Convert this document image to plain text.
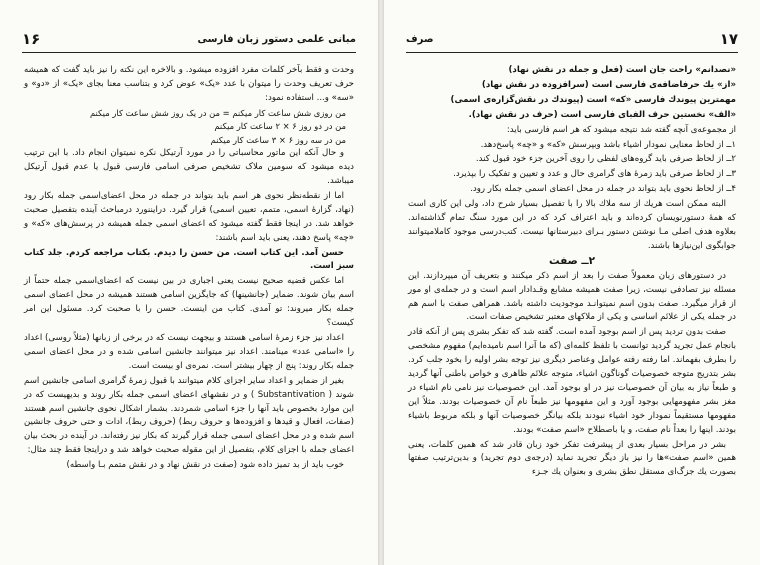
۱۶	مبانی علمی دستور زبان فارسی

وحدت و فقط بآخر کلمات مفرد افزوده میشود. و بالاخره این نکته را نیز باید گفت که همیشه حرف تعریف وحدت را میتوان با عدد «یک» عوض کرد و بتناسب معنا بجای «یک» از «دو» و «سه» و... استفاده نمود:

من روزی شش ساعت کار میکنم = من در یک روز شش ساعت کار میکنم

من در دو روز ۶ × ۲ ساعت کار میکنم

من در سه روز ۶ × ۳ ساعت کار میکنم

و حال آنکه این ماتور محاسباتی را در مورد آرتیکل نکره نمیتوان انجام داد. با این ترتیب دیده میشود که سومین ملاک تشخیص صرفی اسامی فارسی قبول یا عدم قبول آرتیکل میباشد.

اما از نقطه‌نظر نحوی هر اسم باید بتواند در جمله در محل اعضای‌اسمی جمله بکار رود (نهاد، گزارهٔ اسمی، متمم، تعیین اسمی) قرار گیرد. درایننورد درمباحث آینده بتفصیل صحبت خواهد شد. در اینجا فقط گفته میشود که اعضای اسمی جمله همیشه در پرسش‌های «که» و «چه» پاسخ دهند، یعنی باید اسم باشند:

حسن آمد. این کتاب است. من حسن را دیدم. بکتاب مراجعه کردم. جلد کتاب سبز است.

اما عکس قضیه صحیح نیست یعنی اجباری در بین نیست که اعضای‌اسمی جمله حتماً از اسم بیان شوند. ضمایر (جانشینها) که جایگزین اسامی هستند همیشه در محل اعضای اسمی جمله بکار میروند: تو آمدی. کتاب من اینست. حسن را با صحبت کرد. مسئول این امر کیست؟

اعداد نیز جزء زمرهٔ اسامی هستند و بیجهت نیست که در برخی از زبانها (مثلاً روسی) اعداد را «اسامی عدد» مینامند. اعداد نیز میتوانند جانشین اسامی شده و در محل اعضای اسمی جمله بکار روند: پنج از چهار بیشتر است. نمره‌ی او بیست است.

بغیر از ضمایر و اعداد سایر اجزای کلام میتوانند با قبول زمرهٔ گرامری اسامی جانشین اسم شوند ( Substantivation ) و در نقشهای اعضای اسمی جمله بکار روند و بدیهیست که در این موارد بخصوص باید آنها را جزء اسامی شمردند. بشمار اشکال نحوی جانشین اسم هستند (صفات، افعال و قیدها و افزوده‌ها و حروف ربط) (حروف ربط)، ادات و حتی حروف جانشین اسم شده و در محل اعضای اسمی جمله قرار گیرند که بکار نیز رفته‌اند. در آینده در بحث بیان اعضای جمله با اجزای کلام، بتفصیل از این مقوله صحبت خواهد شد و درایتجا فقط چند مثال:

خوب باید از بد تمیز داده شود (صفت در نقش نهاد و در نقش متمم بـا واسطه)

۱۷
صرف

«نصدانم» راحت جان است (فعل و جمله در نقش نهاد)

«از» یك حرفاضافه‌ی فارسی است (سرافزوده در نقش نهاد)

مهمترین پیوندك فارسی «كه» است (پیوندك در نقش‌گزاره‌ی اسمی)

«الف» نخستین حرف الفبای فارسی است (حرف در نقش نهاد).

از مجموعه‌ی آنچه گفته شد نتیجه میشود که هر اسم فارسی باید:

۱ــ از لحاظ معنایی نمودار اشیاء باشد وبپرسش «که» و «چه» پاسخ‌دهد.

۲ــ از لحاظ صرفی باید گروه‌های لفظی را روی آخرین جزء خود قبول کند.

۳ــ از لحاظ صرفی باید زمرهٔ های گرامری حال و عدد و تعیین و تفکیک را بپذیرد.

۴ــ از لحاظ نحوی باید بتواند در جمله در محل اعضای اسمی جمله بکار رود.

البته ممکن است هریك از سه ملاك بالا را با تفصیل بسیار شرح داد، ولی این کاری است که همهٔ دستورنویسان کرده‌اند و باید اعتراف کرد که در این مورد سنگ تمام گذاشته‌اند. بعلاوه هدف اصلی مـا نوشتن دستور بـرای دبیرستانها نیست. کتب‌درسی موجود کاملامیتوانند جوابگوی این‌نیازها باشند.

۲ــ صفت

در دستورهای زبان معمولاً صفت را بعد از اسم ذکر میکنند و بتعریف آن میپردازند. این مسئله نیز تصادفی نیست، زیرا صفت همیشه مشابع وقـدادار اسم است و در جمله‌ی او مور از قرار میگیرد. صفت بدون اسم نمیتوانـد موجودیت داشته باشد. همراهی صفت با اسم هم در جمله یکی از علائم اساسی و یکی از ملاکهای معتبر تشخیص صفات است.

صفت بدون تردید پس از اسم بوجود آمده است. گفته شد که تفکر بشری پس از آنکه قادر بانجام عمل تجرید گردید توانست با تلفظ کلمه‌ای (که ما آنرا اسم نامیده‌ایم) مفهوم مشخصی را بطرف بفهماند. اما رفته رفته عوامل وعناصر دیگری نیز توجه بشر اولیه را بخود جلب کرد. بشر بتدریج متوجه خصوصیات گوناگون اشیاء، متوجه علائم ظاهری و خواص باطنی آنها گردید و طبعاً نیاز به بیان آن خصوصیات نیز در او بوجود آمد. این خصوصیات نیز نامی نام اشیاء در مغز بشر مفهومهایی بوجود آورد و این مفهومها نیز طبعاً نام آن خصوصیات بودند. مثلاً این مفهومها مستقیماً نمودار خود اشیاء نبودند بلکه بیانگر خصوصیات آنها و بلکه مربوط باشیاء بودند. اینها را بعداً نام صفت، و یا باصطلاح «اسم صفت» بودند.

بشر در مراحل بسیار بعدی از پیشرفت تفکر خود زبان قادر شد که همین کلمات، یعنی همین «اسم صفت»ها را نیز باز دیگر تجرید نماید (درجه‌ی دوم تجرید) و بدین‌ترتیب صفتها بصورت یك جزگ‌ای مستقل نطق بشری و بعنوان یك جـزء
